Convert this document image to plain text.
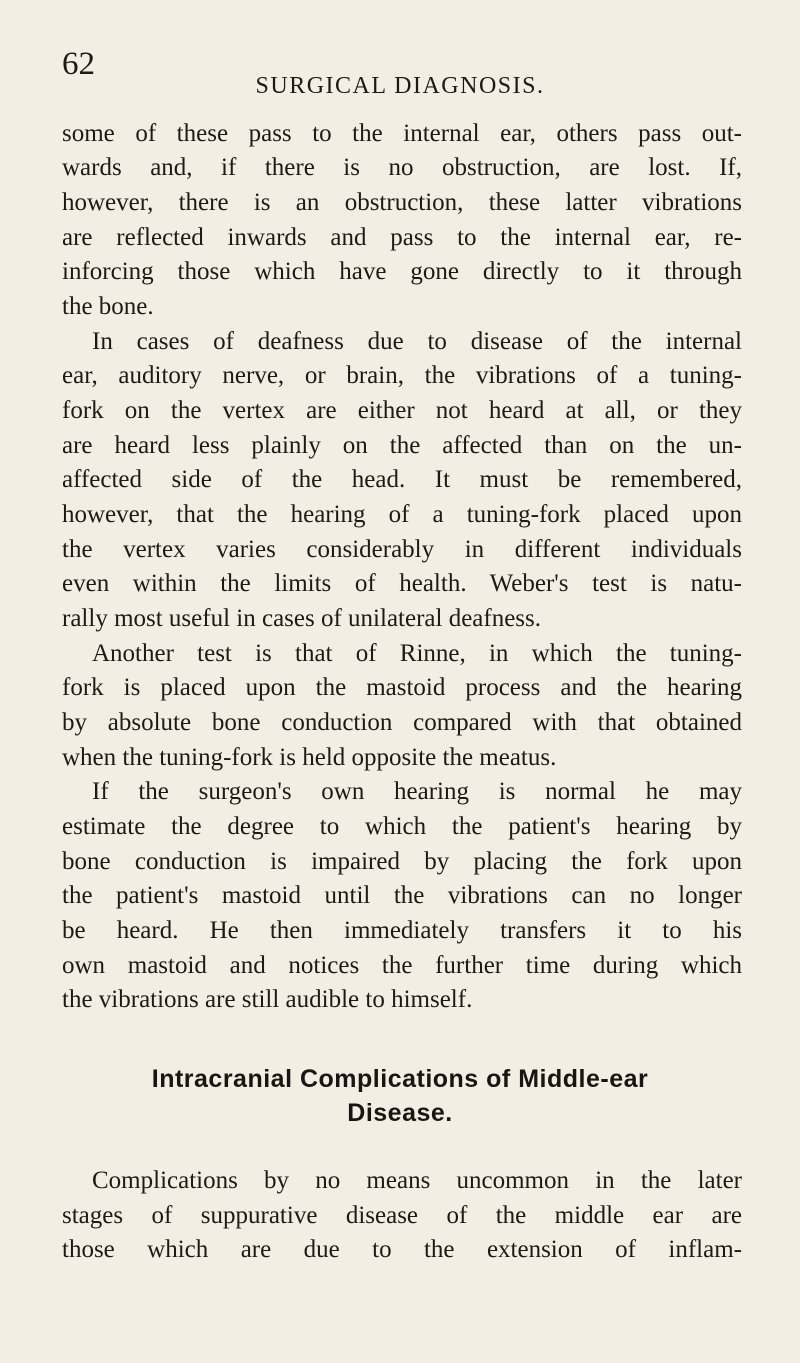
62
SURGICAL DIAGNOSIS.
some of these pass to the internal ear, others pass out-
wards and, if there is no obstruction, are lost. If,
however, there is an obstruction, these latter vibrations
are reflected inwards and pass to the internal ear, re-
inforcing those which have gone directly to it through
the bone.
In cases of deafness due to disease of the internal
ear, auditory nerve, or brain, the vibrations of a tuning-
fork on the vertex are either not heard at all, or they
are heard less plainly on the affected than on the un-
affected side of the head. It must be remembered,
however, that the hearing of a tuning-fork placed upon
the vertex varies considerably in different individuals
even within the limits of health. Weber's test is natu-
rally most useful in cases of unilateral deafness.
Another test is that of Rinne, in which the tuning-
fork is placed upon the mastoid process and the hearing
by absolute bone conduction compared with that obtained
when the tuning-fork is held opposite the meatus.
If the surgeon's own hearing is normal he may
estimate the degree to which the patient's hearing by
bone conduction is impaired by placing the fork upon
the patient's mastoid until the vibrations can no longer
be heard. He then immediately transfers it to his
own mastoid and notices the further time during which
the vibrations are still audible to himself.
Intracranial Complications of Middle-ear
Disease.
Complications by no means uncommon in the later
stages of suppurative disease of the middle ear are
those which are due to the extension of inflam-
